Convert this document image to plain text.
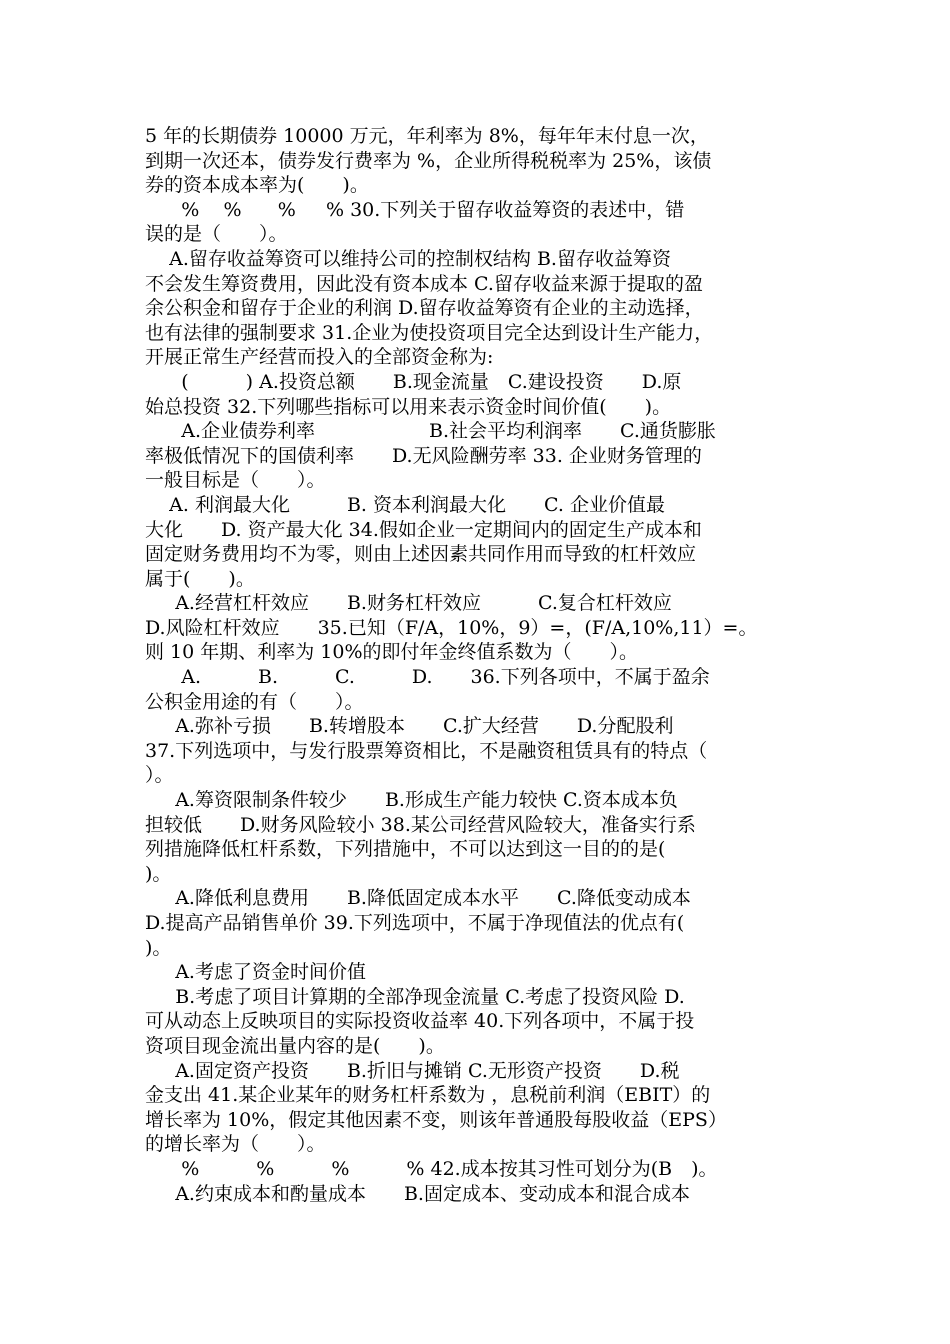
5 年的长期债券 10000 万元，年利率为 8%，每年年末付息一次，
到期一次还本，债券发行费率为 %，企业所得税税率为 25%，该债
券的资本成本率为(　　)。
%    %      %     % 30.下列关于留存收益筹资的表述中，错
误的是（　　）。
A.留存收益筹资可以维持公司的控制权结构 B.留存收益筹资
不会发生筹资费用，因此没有资本成本 C.留存收益来源于提取的盈
余公积金和留存于企业的利润 D.留存收益筹资有企业的主动选择，
也有法律的强制要求 31.企业为使投资项目完全达到设计生产能力，
开展正常生产经营而投入的全部资金称为:
(　　　) A.投资总额　　B.现金流量　C.建设投资　　D.原
始总投资 32.下列哪些指标可以用来表示资金时间价值(　　)。
A.企业债券利率　　　　　　B.社会平均利润率　　C.通货膨胀
率极低情况下的国债利率　　D.无风险酬劳率 33. 企业财务管理的
一般目标是（　　）。
A. 利润最大化　　　B. 资本利润最大化　　C. 企业价值最
大化　　D. 资产最大化 34.假如企业一定期间内的固定生产成本和
固定财务费用均不为零，则由上述因素共同作用而导致的杠杆效应
属于(　　)。
A.经营杠杆效应　　B.财务杠杆效应　　　C.复合杠杆效应
D.风险杠杆效应　　35.已知（F/A，10%，9）=，(F/A,10%,11）=。
则 10 年期、利率为 10%的即付年金终值系数为（　　）。
A.　　　B.　　　C.　　　D.　　36.下列各项中，不属于盈余
公积金用途的有（　　）。
A.弥补亏损　　B.转增股本　　C.扩大经营　　D.分配股利
37.下列选项中，与发行股票筹资相比，不是融资租赁具有的特点（
）。
A.筹资限制条件较少　　B.形成生产能力较快 C.资本成本负
担较低　　D.财务风险较小 38.某公司经营风险较大，准备实行系
列措施降低杠杆系数，下列措施中，不可以达到这一目的的是(
)。
A.降低利息费用　　B.降低固定成本水平　　C.降低变动成本
D.提高产品销售单价 39.下列选项中，不属于净现值法的优点有(
)。
A.考虑了资金时间价值
B.考虑了项目计算期的全部净现金流量 C.考虑了投资风险 D.
可从动态上反映项目的实际投资收益率 40.下列各项中，不属于投
资项目现金流出量内容的是(　　)。
A.固定资产投资　　B.折旧与摊销 C.无形资产投资　　D.税
金支出 41.某企业某年的财务杠杆系数为 ，息税前利润（EBIT）的
增长率为 10%，假定其他因素不变，则该年普通股每股收益（EPS）
的增长率为（　　）。
%　　　%　　　%　　　% 42.成本按其习性可划分为(B　)。
A.约束成本和酌量成本　　B.固定成本、变动成本和混合成本
